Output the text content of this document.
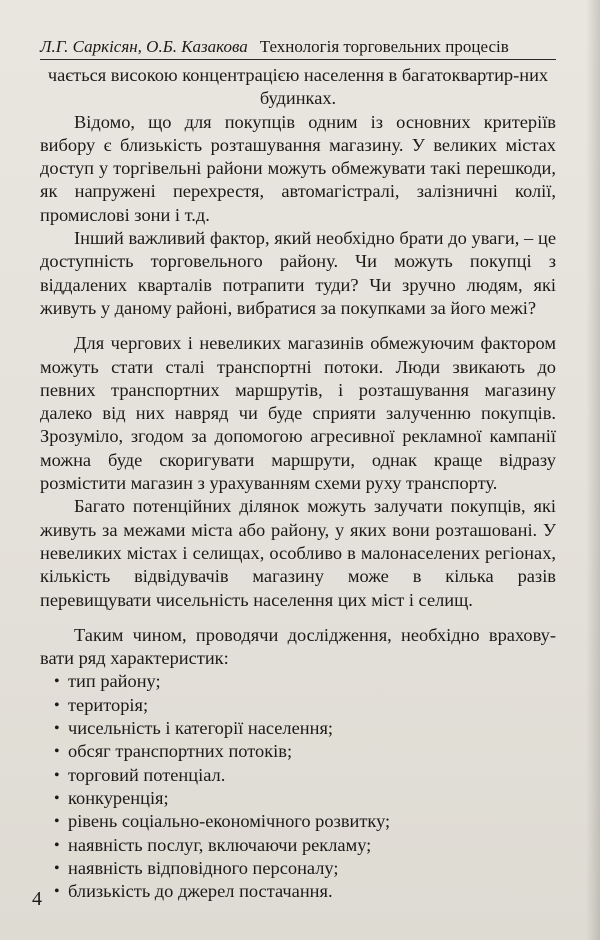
Л.Г. Саркісян, О.Б. Казакова Технологія торговельних процесів

чається високою концентрацією населення в багатоквартир-них будинках.

Відомо, що для покупців одним із основних критеріїв вибору є близькість розташування магазину. У великих містах доступ у торгівельні райони можуть обмежувати такі перешкоди, як напружені перехрестя, автомагістралі, залізничні колії, промислові зони і т.д.

Інший важливий фактор, який необхідно брати до уваги, – це доступність торговельного району. Чи можуть покупці з віддалених кварталів потрапити туди? Чи зручно людям, які живуть у даному районі, вибратися за покупками за його межі?

Для чергових і невеликих магазинів обмежуючим фактором можуть стати сталі транспортні потоки. Люди звикають до певних транспортних маршрутів, і розташування магазину далеко від них навряд чи буде сприяти залученню покупців. Зрозуміло, згодом за допомогою агресивної рекламної кампанії можна буде скоригувати маршрути, однак краще відразу розмістити магазин з урахуванням схеми руху транспорту.

Багато потенційних ділянок можуть залучати покупців, які живуть за межами міста або району, у яких вони розташовані. У невеликих містах і селищах, особливо в малонаселених регіонах, кількість відвідувачів магазину може в кілька разів перевищувати чисельність населення цих міст і селищ.

Таким чином, проводячи дослідження, необхідно врахову-вати ряд характеристик:

• тип району;
• територія;
• чисельність і категорії населення;
• обсяг транспортних потоків;
• торговий потенціал.
• конкуренція;
• рівень соціально-економічного розвитку;
• наявність послуг, включаючи рекламу;
• наявність відповідного персоналу;
• близькість до джерел постачання.
4
